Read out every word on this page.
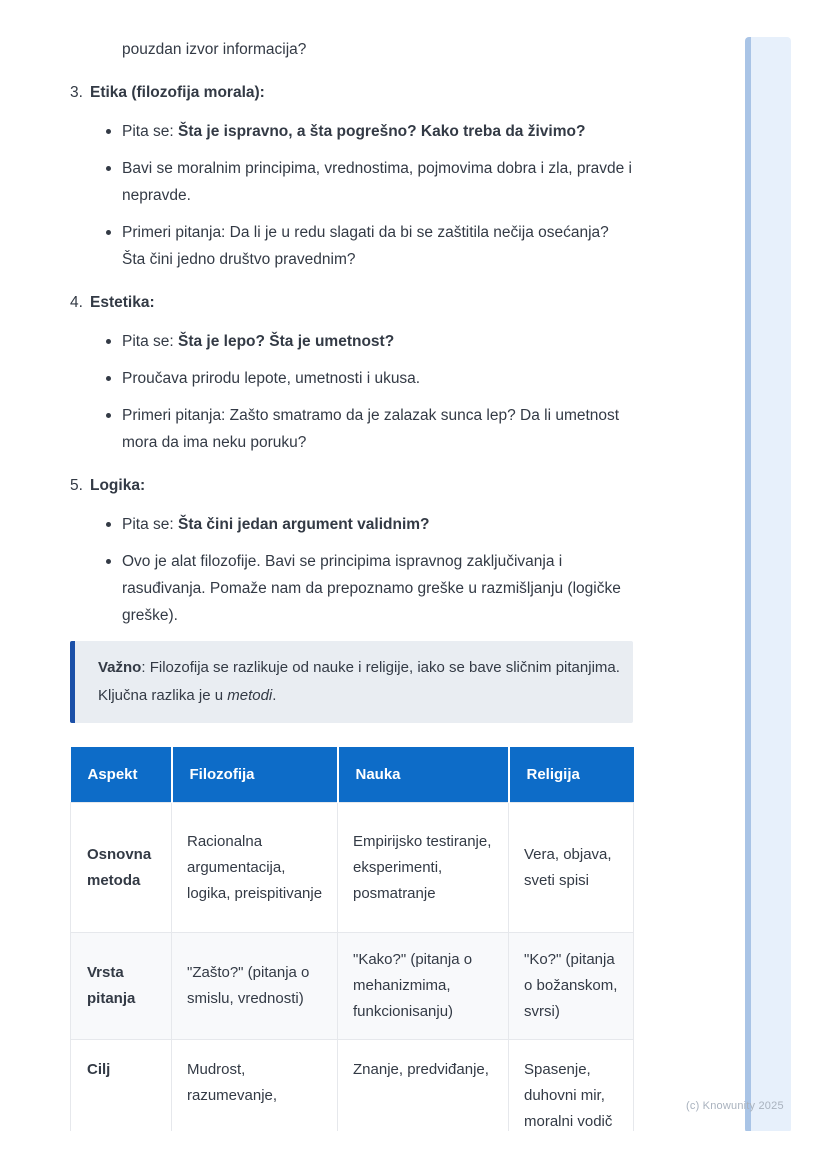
pouzdan izvor informacija?
3. Etika (filozofija morala):
Pita se: Šta je ispravno, a šta pogrešno? Kako treba da živimo?
Bavi se moralnim principima, vrednostima, pojmovima dobra i zla, pravde i nepravde.
Primeri pitanja: Da li je u redu slagati da bi se zaštitila nečija osećanja? Šta čini jedno društvo pravednim?
4. Estetika:
Pita se: Šta je lepo? Šta je umetnost?
Proučava prirodu lepote, umetnosti i ukusa.
Primeri pitanja: Zašto smatramo da je zalazak sunca lep? Da li umetnost mora da ima neku poruku?
5. Logika:
Pita se: Šta čini jedan argument validnim?
Ovo je alat filozofije. Bavi se principima ispravnog zaključivanja i rasuđivanja. Pomaže nam da prepoznamo greške u razmišljanju (logičke greške).
Važno: Filozofija se razlikuje od nauke i religije, iako se bave sličnim pitanjima. Ključna razlika je u metodi.
Aspekt	Filozofija	Nauka	Religija
Osnovna metoda	Racionalna argumentacija, logika, preispitivanje	Empirijsko testiranje, eksperimenti, posmatranje	Vera, objava, sveti spisi
Vrsta pitanja	"Zašto?" (pitanja o smislu, vrednosti)	"Kako?" (pitanja o mehanizmima, funkcionisanju)	"Ko?" (pitanja o božanskom, svrsi)
Cilj	Mudrost, razumevanje,	Znanje, predviđanje,	Spasenje, duhovni mir, moralni vodič
(c) Knowunity 2025
